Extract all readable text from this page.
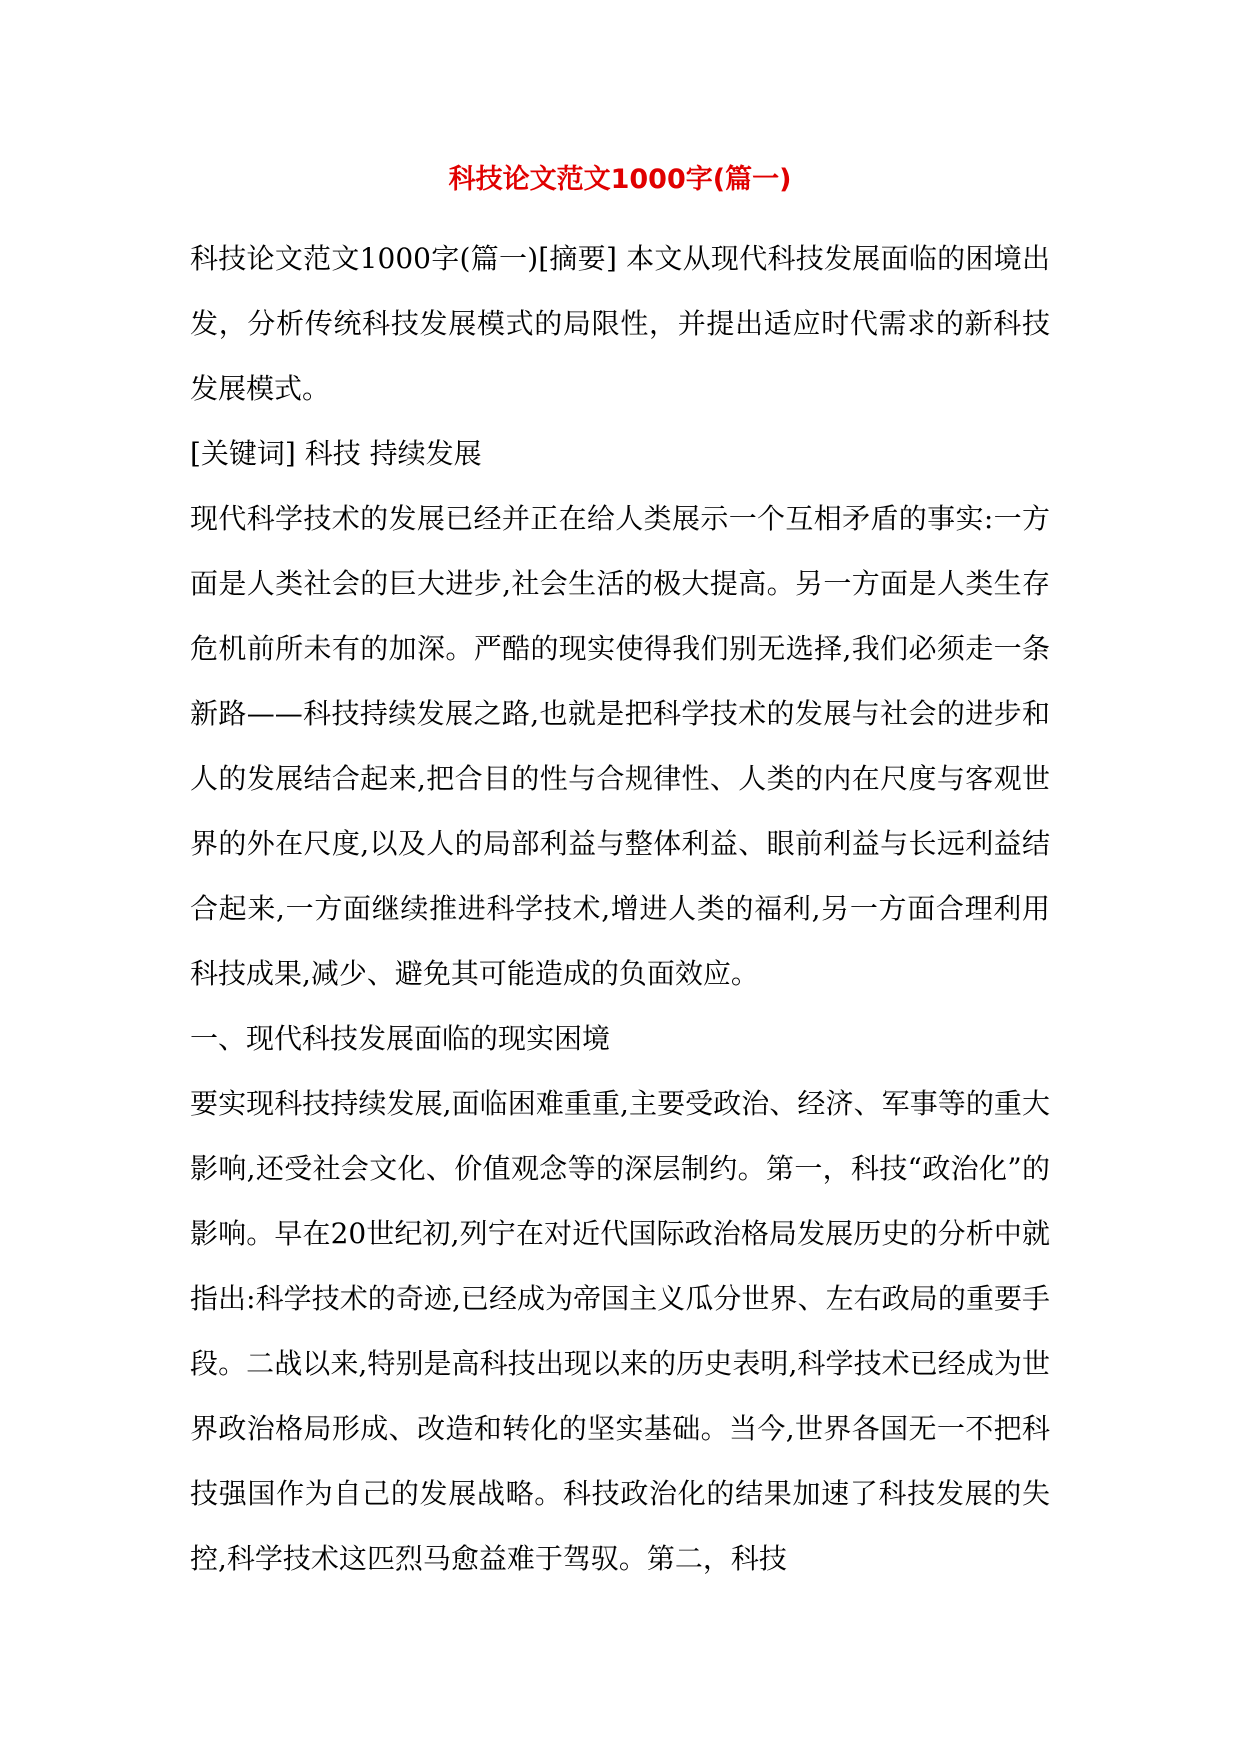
科技论文范文1000字(篇一)

科技论文范文1000字(篇一)[摘要] 本文从现代科技发展面临的困境出发，分析传统科技发展模式的局限性，并提出适应时代需求的新科技发展模式。

[关键词] 科技 持续发展

现代科学技术的发展已经并正在给人类展示一个互相矛盾的事实:一方面是人类社会的巨大进步,社会生活的极大提高。另一方面是人类生存危机前所未有的加深。严酷的现实使得我们别无选择,我们必须走一条新路——科技持续发展之路,也就是把科学技术的发展与社会的进步和人的发展结合起来,把合目的性与合规律性、人类的内在尺度与客观世界的外在尺度,以及人的局部利益与整体利益、眼前利益与长远利益结合起来,一方面继续推进科学技术,增进人类的福利,另一方面合理利用科技成果,减少、避免其可能造成的负面效应。

一、现代科技发展面临的现实困境

要实现科技持续发展,面临困难重重,主要受政治、经济、军事等的重大影响,还受社会文化、价值观念等的深层制约。第一，科技“政治化”的影响。早在20世纪初,列宁在对近代国际政治格局发展历史的分析中就指出:科学技术的奇迹,已经成为帝国主义瓜分世界、左右政局的重要手段。二战以来,特别是高科技出现以来的历史表明,科学技术已经成为世界政治格局形成、改造和转化的坚实基础。当今,世界各国无一不把科技强国作为自己的发展战略。科技政治化的结果加速了科技发展的失控,科学技术这匹烈马愈益难于驾驭。第二，科技
